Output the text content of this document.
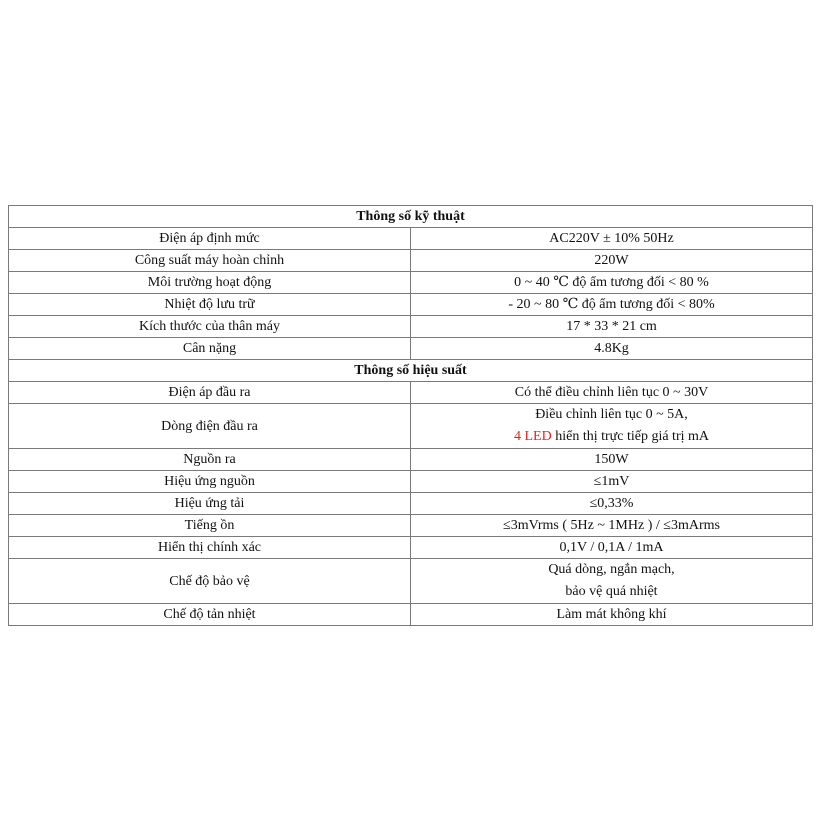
Thông số kỹ thuật	
Điện áp định mức	AC220V ± 10% 50Hz
Công suất máy hoàn chỉnh	220W
Môi trường hoạt động	0 ~ 40 ℃ độ ẩm tương đối < 80 %
Nhiệt độ lưu trữ	- 20 ~ 80 ℃ độ ẩm tương đối < 80%
Kích thước của thân máy	17 * 33 * 21 cm
Cân nặng	4.8Kg
Thông số hiệu suất	
Điện áp đầu ra	Có thể điều chỉnh liên tục 0 ~ 30V
Dòng điện đầu ra	Điều chỉnh liên tục 0 ~ 5A,
4 LED hiển thị trực tiếp giá trị mA

Nguồn ra	150W
Hiệu ứng nguồn	≤1mV
Hiệu ứng tải	≤0,33%
Tiếng ồn	≤3mVrms ( 5Hz ~ 1MHz ) / ≤3mArms
Hiển thị chính xác	0,1V / 0,1A / 1mA
Chế độ bảo vệ	Quá dòng, ngắn mạch,
bảo vệ quá nhiệt

Chế độ tản nhiệt	Làm mát không khí
